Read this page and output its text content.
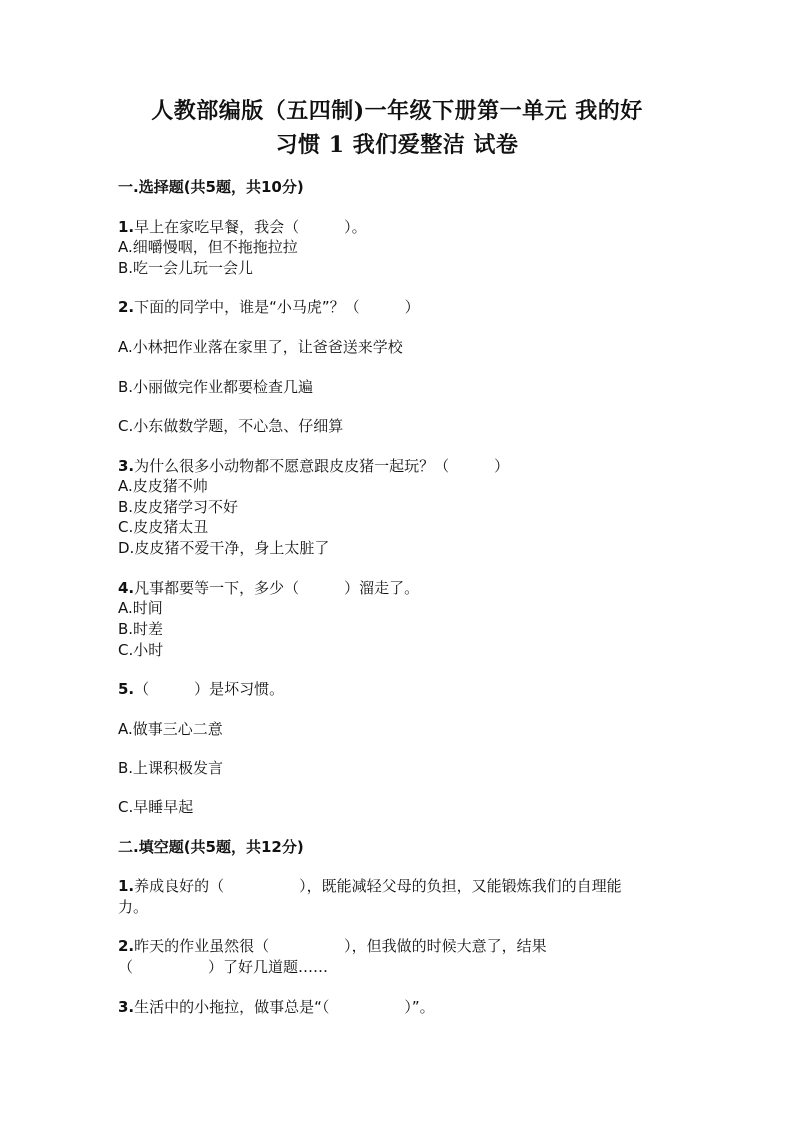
人教部编版（五四制)一年级下册第一单元 我的好
习惯 1 我们爱整洁 试卷
一.选择题(共5题，共10分)
1.早上在家吃早餐，我会（　　　）。
A.细嚼慢咽，但不拖拖拉拉
B.吃一会儿玩一会儿
2.下面的同学中，谁是“小马虎”？（　　　）
A.小林把作业落在家里了，让爸爸送来学校
B.小丽做完作业都要检查几遍
C.小东做数学题，不心急、仔细算
3.为什么很多小动物都不愿意跟皮皮猪一起玩？（　　　）
A.皮皮猪不帅
B.皮皮猪学习不好
C.皮皮猪太丑
D.皮皮猪不爱干净，身上太脏了
4.凡事都要等一下，多少（　　　）溜走了。
A.时间
B.时差
C.小时
5.（　　　）是坏习惯。
A.做事三心二意
B.上课积极发言
C.早睡早起
二.填空题(共5题，共12分)
1.养成良好的（　　　　　），既能减轻父母的负担，又能锻炼我们的自理能
力。
2.昨天的作业虽然很（　　　　　），但我做的时候大意了，结果
（　　　　　）了好几道题……
3.生活中的小拖拉，做事总是“（　　　　　）”。
